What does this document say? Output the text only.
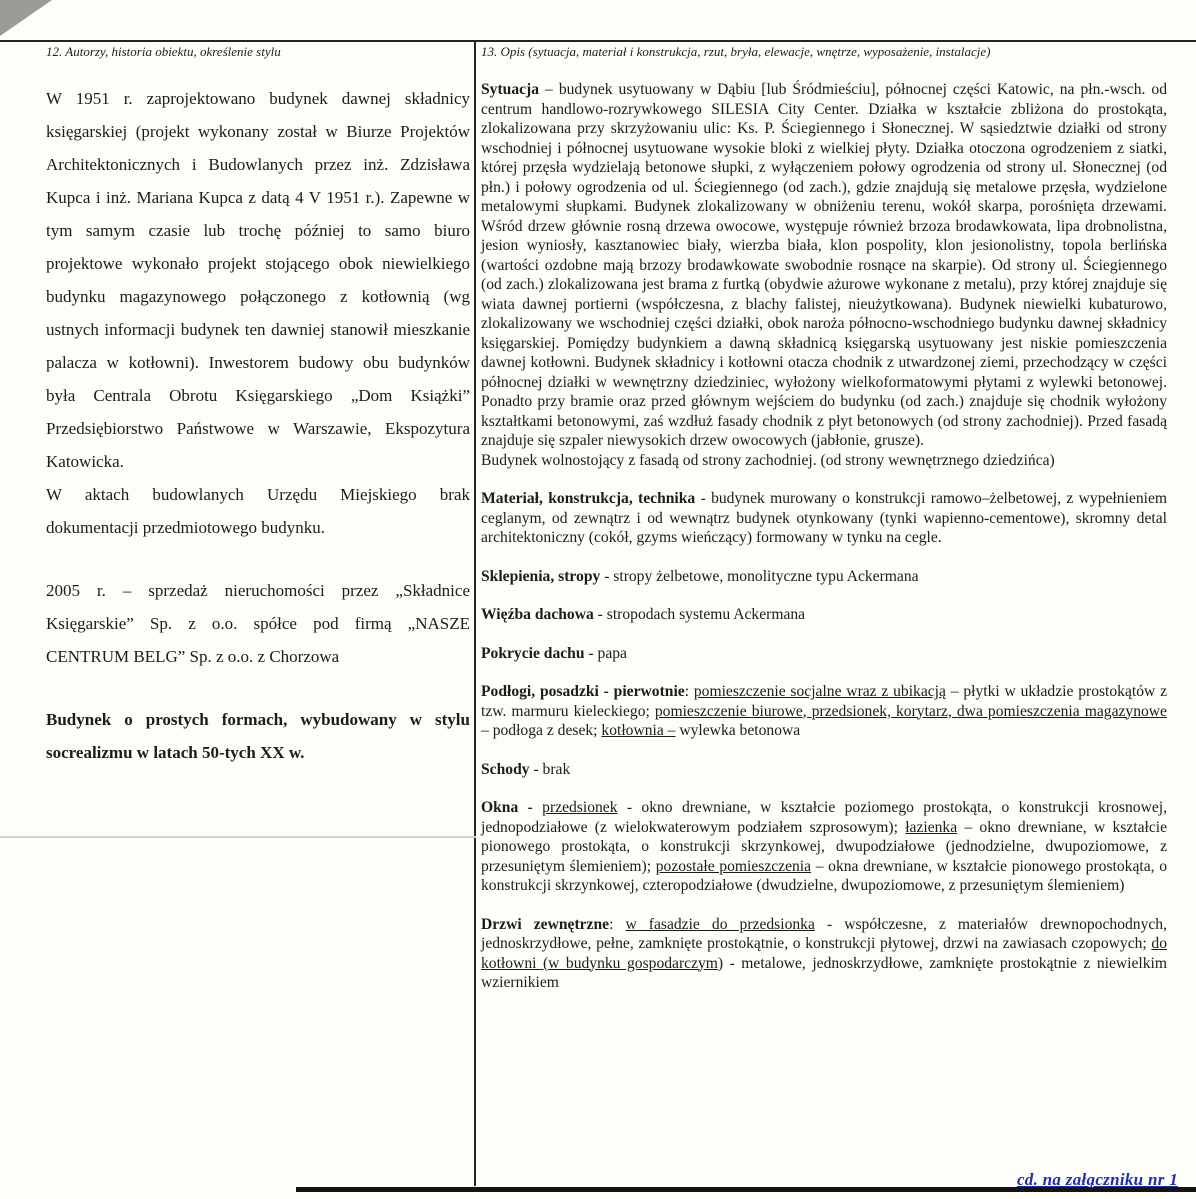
12. Autorzy, historia obiektu, określenie stylu	13. Opis (sytuacja, materiał i konstrukcja, rzut, bryła, elewacje, wnętrze, wyposażenie, instalacje)

W 1951 r. zaprojektowano budynek dawnej składnicy księgarskiej (projekt wykonany został w Biurze Projektów Architektonicznych i Budowlanych przez inż. Zdzisława Kupca i inż. Mariana Kupca z datą 4 V 1951 r.). Zapewne w tym samym czasie lub trochę później to samo biuro projektowe wykonało projekt stojącego obok niewielkiego budynku magazynowego połączonego z kotłownią (wg ustnych informacji budynek ten dawniej stanowił mieszkanie palacza w kotłowni). Inwestorem budowy obu budynków była Centrala Obrotu Księgarskiego „Dom Książki” Przedsiębiorstwo Państwowe w Warszawie, Ekspozytura Katowicka.

W aktach budowlanych Urzędu Miejskiego brak dokumentacji przedmiotowego budynku.

2005 r. – sprzedaż nieruchomości przez „Składnice Księgarskie” Sp. z o.o. spółce pod firmą „NASZE CENTRUM BELG” Sp. z o.o. z Chorzowa

Budynek o prostych formach, wybudowany w stylu socrealizmu w latach 50-tych XX w.

Sytuacja – budynek usytuowany w Dąbiu [lub Śródmieściu], północnej części Katowic, na płn.-wsch. od centrum handlowo-rozrywkowego SILESIA City Center. Działka w kształcie zbliżona do prostokąta, zlokalizowana przy skrzyżowaniu ulic: Ks. P. Ściegiennego i Słonecznej. W sąsiedztwie działki od strony wschodniej i północnej usytuowane wysokie bloki z wielkiej płyty. Działka otoczona ogrodzeniem z siatki, której przęsła wydzielają betonowe słupki, z wyłączeniem połowy ogrodzenia od strony ul. Słonecznej (od płn.) i połowy ogrodzenia od ul. Ściegiennego (od zach.), gdzie znajdują się metalowe przęsła, wydzielone metalowymi słupkami. Budynek zlokalizowany w obniżeniu terenu, wokół skarpa, porośnięta drzewami. Wśród drzew głównie rosną drzewa owocowe, występuje również brzoza brodawkowata, lipa drobnolistna, jesion wyniosły, kasztanowiec biały, wierzba biała, klon pospolity, klon jesionolistny, topola berlińska (wartości ozdobne mają brzozy brodawkowate swobodnie rosnące na skarpie). Od strony ul. Ściegiennego (od zach.) zlokalizowana jest brama z furtką (obydwie ażurowe wykonane z metalu), przy której znajduje się wiata dawnej portierni (współczesna, z blachy falistej, nieużytkowana). Budynek niewielki kubaturowo, zlokalizowany we wschodniej części działki, obok naroża północno-wschodniego budynku dawnej składnicy księgarskiej. Pomiędzy budynkiem a dawną składnicą księgarską usytuowany jest niskie pomieszczenia dawnej kotłowni. Budynek składnicy i kotłowni otacza chodnik z utwardzonej ziemi, przechodzący w części północnej działki w wewnętrzny dziedziniec, wyłożony wielkoformatowymi płytami z wylewki betonowej. Ponadto przy bramie oraz przed głównym wejściem do budynku (od zach.) znajduje się chodnik wyłożony kształtkami betonowymi, zaś wzdłuż fasady chodnik z płyt betonowych (od strony zachodniej). Przed fasadą znajduje się szpaler niewysokich drzew owocowych (jabłonie, grusze).

Budynek wolnostojący z fasadą od strony zachodniej. (od strony wewnętrznego dziedzińca)

Materiał, konstrukcja, technika - budynek murowany o konstrukcji ramowo–żelbetowej, z wypełnieniem ceglanym, od zewnątrz i od wewnątrz budynek otynkowany (tynki wapienno-cementowe), skromny detal architektoniczny (cokół, gzyms wieńczący) formowany w tynku na cegle.

Sklepienia, stropy - stropy żelbetowe, monolityczne typu Ackermana

Więźba dachowa - stropodach systemu Ackermana

Pokrycie dachu - papa

Podłogi, posadzki - pierwotnie: pomieszczenie socjalne wraz z ubikacją – płytki w układzie prostokątów z tzw. marmuru kieleckiego; pomieszczenie biurowe, przedsionek, korytarz, dwa pomieszczenia magazynowe – podłoga z desek; kotłownia – wylewka betonowa

Schody - brak

Okna - przedsionek - okno drewniane, w kształcie poziomego prostokąta, o konstrukcji krosnowej, jednopodziałowe (z wielokwaterowym podziałem szprosowym); łazienka – okno drewniane, w kształcie pionowego prostokąta, o konstrukcji skrzynkowej, dwupodziałowe (jednodzielne, dwupoziomowe, z przesuniętym ślemieniem); pozostałe pomieszczenia – okna drewniane, w kształcie pionowego prostokąta, o konstrukcji skrzynkowej, czteropodziałowe (dwudzielne, dwupoziomowe, z przesuniętym ślemieniem)

Drzwi zewnętrzne: w fasadzie do przedsionka - współczesne, z materiałów drewnopochodnych, jednoskrzydłowe, pełne, zamknięte prostokątnie, o konstrukcji płytowej, drzwi na zawiasach czopowych; do kotłowni (w budynku gospodarczym) - metalowe, jednoskrzydłowe, zamknięte prostokątnie z niewielkim wziernikiem

cd. na załączniku nr 1
